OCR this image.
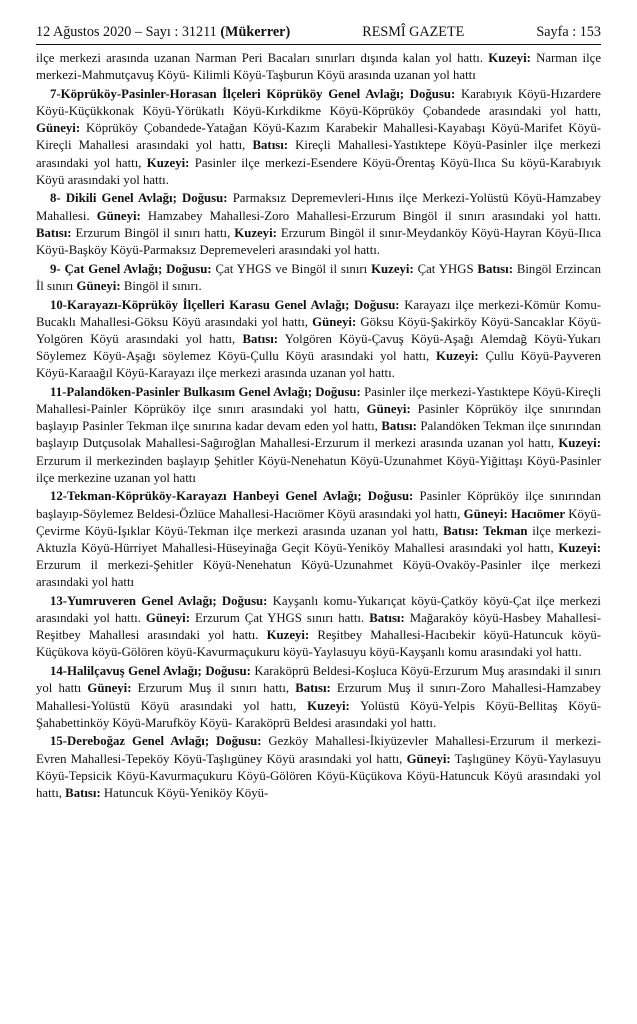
12 Ağustos 2020 – Sayı : 31211 (Mükerrer)	RESMÎ GAZETE	Sayfa : 153

ilçe merkezi arasında uzanan Narman Peri Bacaları sınırları dışında kalan yol hattı. Kuzeyi: Narman ilçe merkezi-Mahmutçavuş Köyü- Kilimli Köyü-Taşburun Köyü arasında uzanan yol hattı

7-Köprüköy-Pasinler-Horasan İlçeleri Köprüköy Genel Avlağı; Doğusu: Karabıyık Köyü-Hızardere Köyü-Küçükkonak Köyü-Yörükatlı Köyü-Kırkdikme Köyü-Köprüköy Çobandede arasındaki yol hattı, Güneyi: Köprüköy Çobandede-Yatağan Köyü-Kazım Karabekir Mahallesi-Kayabaşı Köyü-Marifet Köyü-Kireçli Mahallesi arasındaki yol hattı, Batısı: Kireçli Mahallesi-Yastıktepe Köyü-Pasinler ilçe merkezi arasındaki yol hattı, Kuzeyi: Pasinler ilçe merkezi-Esendere Köyü-Örentaş Köyü-Ilıca Su köyü-Karabıyık Köyü arasındaki yol hattı.

8- Dikili Genel Avlağı; Doğusu: Parmaksız Depremevleri-Hınıs ilçe Merkezi-Yolüstü Köyü-Hamzabey Mahallesi. Güneyi: Hamzabey Mahallesi-Zoro Mahallesi-Erzurum Bingöl il sınırı arasındaki yol hattı. Batısı: Erzurum Bingöl il sınırı hattı, Kuzeyi: Erzurum Bingöl il sınır-Meydanköy Köyü-Hayran Köyü-Ilıca Köyü-Başköy Köyü-Parmaksız Depremeveleri arasındaki yol hattı.

9- Çat Genel Avlağı; Doğusu: Çat YHGS ve Bingöl il sınırı Kuzeyi: Çat YHGS Batısı: Bingöl Erzincan İl sınırı Güneyi: Bingöl il sınırı.

10-Karayazı-Köprüköy İlçelleri Karasu Genel Avlağı; Doğusu: Karayazı ilçe merkezi-Kömür Komu-Bucaklı Mahallesi-Göksu Köyü arasındaki yol hattı, Güneyi: Göksu Köyü-Şakirköy Köyü-Sancaklar Köyü-Yolgören Köyü arasındaki yol hattı, Batısı: Yolgören Köyü-Çavuş Köyü-Aşağı Alemdağ Köyü-Yukarı Söylemez Köyü-Aşağı söylemez Köyü-Çullu Köyü arasındaki yol hattı, Kuzeyi: Çullu Köyü-Payveren Köyü-Karaağıl Köyü-Karayazı ilçe merkezi arasında uzanan yol hattı.

11-Palandöken-Pasinler Bulkasım Genel Avlağı; Doğusu: Pasinler ilçe merkezi-Yastıktepe Köyü-Kireçli Mahallesi-Painler Köprüköy ilçe sınırı arasındaki yol hattı, Güneyi: Pasinler Köprüköy ilçe sınırından başlayıp Pasinler Tekman ilçe sınırına kadar devam eden yol hattı, Batısı: Palandöken Tekman ilçe sınırından başlayıp Dutçusolak Mahallesi-Sağıroğlan Mahallesi-Erzurum il merkezi arasında uzanan yol hattı, Kuzeyi: Erzurum il merkezinden başlayıp Şehitler Köyü-Nenehatun Köyü-Uzunahmet Köyü-Yiğittaşı Köyü-Pasinler ilçe merkezine uzanan yol hattı

12-Tekman-Köprüköy-Karayazı Hanbeyi Genel Avlağı; Doğusu: Pasinler Köprüköy ilçe sınırından başlayıp-Söylemez Beldesi-Özlüce Mahallesi-Hacıömer Köyü arasındaki yol hattı, Güneyi: Hacıömer Köyü-Çevirme Köyü-Işıklar Köyü-Tekman ilçe merkezi arasında uzanan yol hattı, Batısı: Tekman ilçe merkezi-Aktuzla Köyü-Hürriyet Mahallesi-Hüseyinağa Geçit Köyü-Yeniköy Mahallesi arasındaki yol hattı, Kuzeyi: Erzurum il merkezi-Şehitler Köyü-Nenehatun Köyü-Uzunahmet Köyü-Ovaköy-Pasinler ilçe merkezi arasındaki yol hattı

13-Yumruveren Genel Avlağı; Doğusu: Kayşanlı komu-Yukarıçat köyü-Çatköy köyü-Çat ilçe merkezi arasındaki yol hattı. Güneyi: Erzurum Çat YHGS sınırı hattı. Batısı: Mağaraköy köyü-Hasbey Mahallesi-Reşitbey Mahallesi arasındaki yol hattı. Kuzeyi: Reşitbey Mahallesi-Hacıbekir köyü-Hatuncuk köyü- Küçükova köyü-Gölören köyü-Kavurmaçukuru köyü-Yaylasuyu köyü-Kayşanlı komu arasındaki yol hattı.

14-Halilçavuş Genel Avlağı; Doğusu: Karaköprü Beldesi-Koşluca Köyü-Erzurum Muş arasındaki il sınırı yol hattı Güneyi: Erzurum Muş il sınırı hattı, Batısı: Erzurum Muş il sınırı-Zoro Mahallesi-Hamzabey Mahallesi-Yolüstü Köyü arasındaki yol hattı, Kuzeyi: Yolüstü Köyü-Yelpis Köyü-Bellitaş Köyü-Şahabettinköy Köyü-Marufköy Köyü- Karaköprü Beldesi arasındaki yol hattı.

15-Dereboğaz Genel Avlağı; Doğusu: Gezköy Mahallesi-İkiyüzevler Mahallesi-Erzurum il merkezi-Evren Mahallesi-Tepeköy Köyü-Taşlıgüney Köyü arasındaki yol hattı, Güneyi: Taşlıgüney Köyü-Yaylasuyu Köyü-Tepsicik Köyü-Kavurmaçukuru Köyü-Gölören Köyü-Küçükova Köyü-Hatuncuk Köyü arasındaki yol hattı, Batısı: Hatuncuk Köyü-Yeniköy Köyü-
